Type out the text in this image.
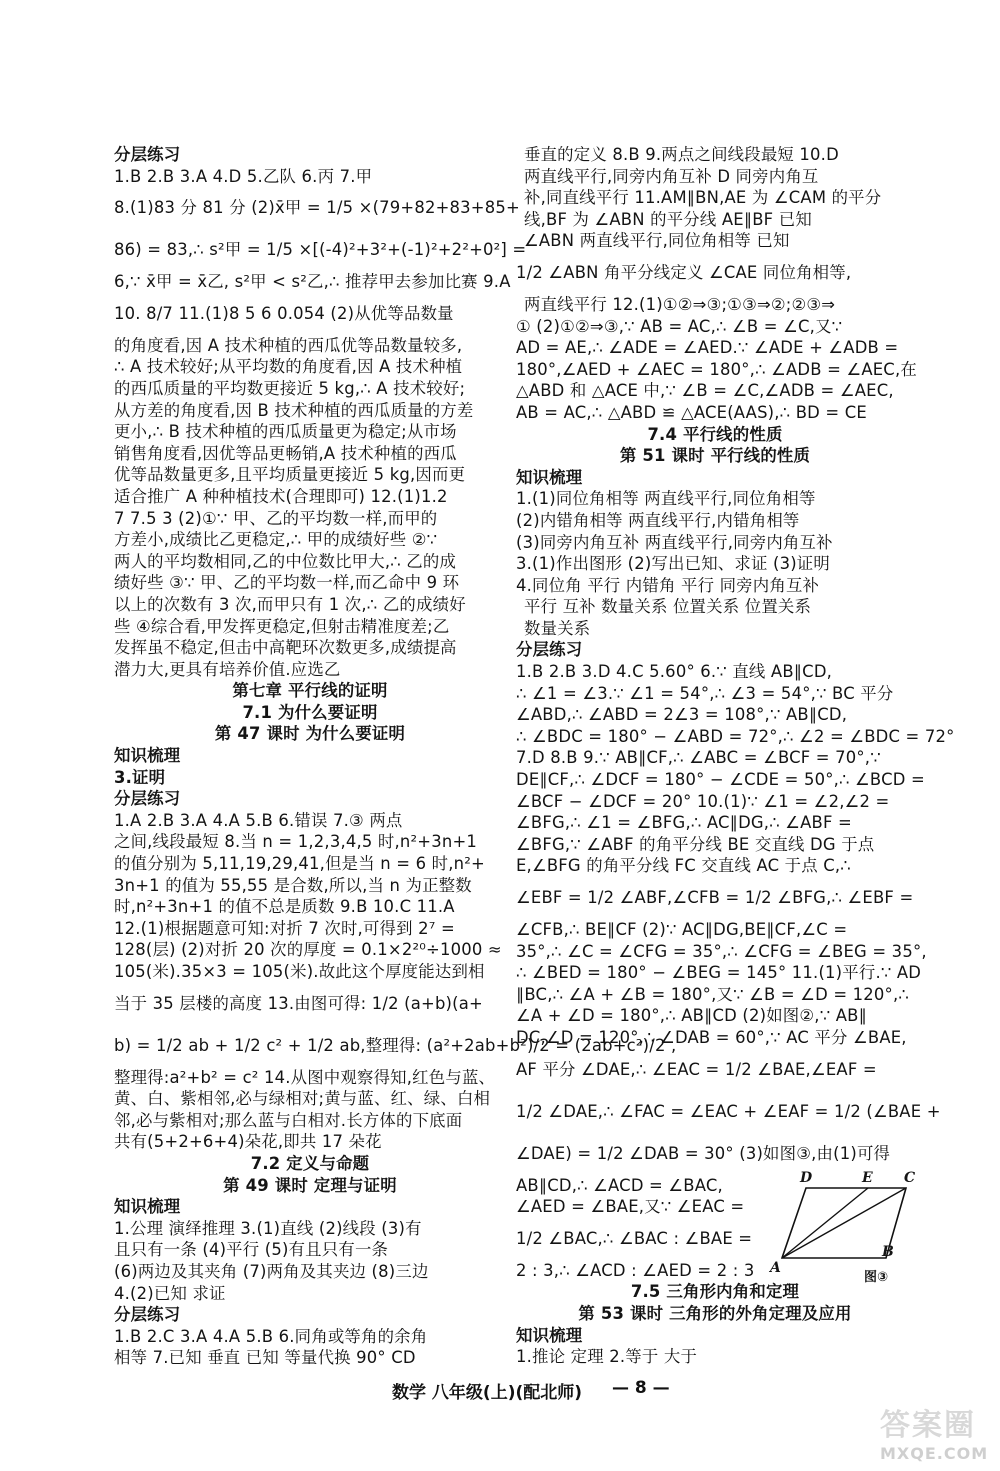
分层练习
1.B 2.B 3.A 4.D 5.乙队 6.丙 7.甲
8.(1)83 分 81 分 (2)x̄甲 = 1/5 ×(79+82+83+85+
86) = 83,∴ s²甲 = 1/5 ×[(-4)²+3²+(-1)²+2²+0²] =
6,∵ x̄甲 = x̄乙, s²甲 < s²乙,∴ 推荐甲去参加比赛 9.A
10. 8/7 11.(1)8 5 6 0.054 (2)从优等品数量
的角度看,因 A 技术种植的西瓜优等品数量较多,
∴ A 技术较好;从平均数的角度看,因 A 技术种植
的西瓜质量的平均数更接近 5 kg,∴ A 技术较好;
从方差的角度看,因 B 技术种植的西瓜质量的方差
更小,∴ B 技术种植的西瓜质量更为稳定;从市场
销售角度看,因优等品更畅销,A 技术种植的西瓜
优等品数量更多,且平均质量更接近 5 kg,因而更
适合推广 A 种种植技术(合理即可) 12.(1)1.2
7 7.5 3 (2)①∵ 甲、乙的平均数一样,而甲的
方差小,成绩比乙更稳定,∴ 甲的成绩好些 ②∵
两人的平均数相同,乙的中位数比甲大,∴ 乙的成
绩好些 ③∵ 甲、乙的平均数一样,而乙命中 9 环
以上的次数有 3 次,而甲只有 1 次,∴ 乙的成绩好
些 ④综合看,甲发挥更稳定,但射击精准度差;乙
发挥虽不稳定,但击中高靶环次数更多,成绩提高
潜力大,更具有培养价值.应选乙
第七章 平行线的证明
7.1 为什么要证明
第 47 课时 为什么要证明
知识梳理
3.证明
分层练习
1.A 2.B 3.A 4.A 5.B 6.错误 7.③ 两点
之间,线段最短 8.当 n = 1,2,3,4,5 时,n²+3n+1
的值分别为 5,11,19,29,41,但是当 n = 6 时,n²+
3n+1 的值为 55,55 是合数,所以,当 n 为正整数
时,n²+3n+1 的值不总是质数 9.B 10.C 11.A
12.(1)根据题意可知:对折 7 次时,可得到 2⁷ =
128(层) (2)对折 20 次的厚度 = 0.1×2²⁰÷1000 ≈
105(米).35×3 = 105(米).故此这个厚度能达到相
当于 35 层楼的高度 13.由图可得: 1/2 (a+b)(a+
b) = 1/2 ab + 1/2 c² + 1/2 ab,整理得: (a²+2ab+b²)/2 = (2ab+c²)/2 ,
整理得:a²+b² = c² 14.从图中观察得知,红色与蓝、
黄、白、紫相邻,必与绿相对;黄与蓝、红、绿、白相
邻,必与紫相对;那么蓝与白相对.长方体的下底面
共有(5+2+6+4)朵花,即共 17 朵花
7.2 定义与命题
第 49 课时 定理与证明
知识梳理
1.公理 演绎推理 3.(1)直线 (2)线段 (3)有
且只有一条 (4)平行 (5)有且只有一条
(6)两边及其夹角 (7)两角及其夹边 (8)三边
4.(2)已知 求证
分层练习
1.B 2.C 3.A 4.A 5.B 6.同角或等角的余角
相等 7.已知 垂直 已知 等量代换 90° CD
垂直的定义 8.B 9.两点之间线段最短 10.D
两直线平行,同旁内角互补 D 同旁内角互
补,同直线平行 11.AM∥BN,AE 为 ∠CAM 的平分
线,BF 为 ∠ABN 的平分线 AE∥BF 已知
∠ABN 两直线平行,同位角相等 已知
1/2 ∠ABN 角平分线定义 ∠CAE 同位角相等,
两直线平行 12.(1)①②⇒③;①③⇒②;②③⇒
① (2)①②⇒③,∵ AB = AC,∴ ∠B = ∠C,又∵
AD = AE,∴ ∠ADE = ∠AED.∵ ∠ADE + ∠ADB =
180°,∠AED + ∠AEC = 180°,∴ ∠ADB = ∠AEC,在
△ABD 和 △ACE 中,∵ ∠B = ∠C,∠ADB = ∠AEC,
AB = AC,∴ △ABD ≌ △ACE(AAS),∴ BD = CE
7.4 平行线的性质
第 51 课时 平行线的性质
知识梳理
1.(1)同位角相等 两直线平行,同位角相等
(2)内错角相等 两直线平行,内错角相等
(3)同旁内角互补 两直线平行,同旁内角互补
3.(1)作出图形 (2)写出已知、求证 (3)证明
4.同位角 平行 内错角 平行 同旁内角互补
平行 互补 数量关系 位置关系 位置关系
数量关系
分层练习
1.B 2.B 3.D 4.C 5.60° 6.∵ 直线 AB∥CD,
∴ ∠1 = ∠3.∵ ∠1 = 54°,∴ ∠3 = 54°,∵ BC 平分
∠ABD,∴ ∠ABD = 2∠3 = 108°,∵ AB∥CD,
∴ ∠BDC = 180° − ∠ABD = 72°,∴ ∠2 = ∠BDC = 72°
7.D 8.B 9.∵ AB∥CF,∴ ∠ABC = ∠BCF = 70°,∵
DE∥CF,∴ ∠DCF = 180° − ∠CDE = 50°,∴ ∠BCD =
∠BCF − ∠DCF = 20° 10.(1)∵ ∠1 = ∠2,∠2 =
∠BFG,∴ ∠1 = ∠BFG,∴ AC∥DG,∴ ∠ABF =
∠BFG,∵ ∠ABF 的角平分线 BE 交直线 DG 于点
E,∠BFG 的角平分线 FC 交直线 AC 于点 C,∴
∠EBF = 1/2 ∠ABF,∠CFB = 1/2 ∠BFG,∴ ∠EBF =
∠CFB,∴ BE∥CF (2)∵ AC∥DG,BE∥CF,∠C =
35°,∴ ∠C = ∠CFG = 35°,∴ ∠CFG = ∠BEG = 35°,
∴ ∠BED = 180° − ∠BEG = 145° 11.(1)平行.∵ AD
∥BC,∴ ∠A + ∠B = 180°,又∵ ∠B = ∠D = 120°,∴
∠A + ∠D = 180°,∴ AB∥CD (2)如图②,∵ AB∥
DC,∠D = 120°,∴ ∠DAB = 60°,∵ AC 平分 ∠BAE,
AF 平分 ∠DAE,∴ ∠EAC = 1/2 ∠BAE,∠EAF =
1/2 ∠DAE,∴ ∠FAC = ∠EAC + ∠EAF = 1/2 (∠BAE +
∠DAE) = 1/2 ∠DAB = 30° (3)如图③,由(1)可得
AB∥CD,∴ ∠ACD = ∠BAC,
∠AED = ∠BAE,又∵ ∠EAC =
1/2 ∠BAC,∴ ∠BAC : ∠BAE =
2 : 3,∴ ∠ACD : ∠AED = 2 : 3
7.5 三角形内角和定理
第 53 课时 三角形的外角定理及应用
知识梳理
1.推论 定理 2.等于 大于
D	E C
A
B
图③
数学 八年级(上)(配北师) — 8 —
答案圈
MXQE.COM
